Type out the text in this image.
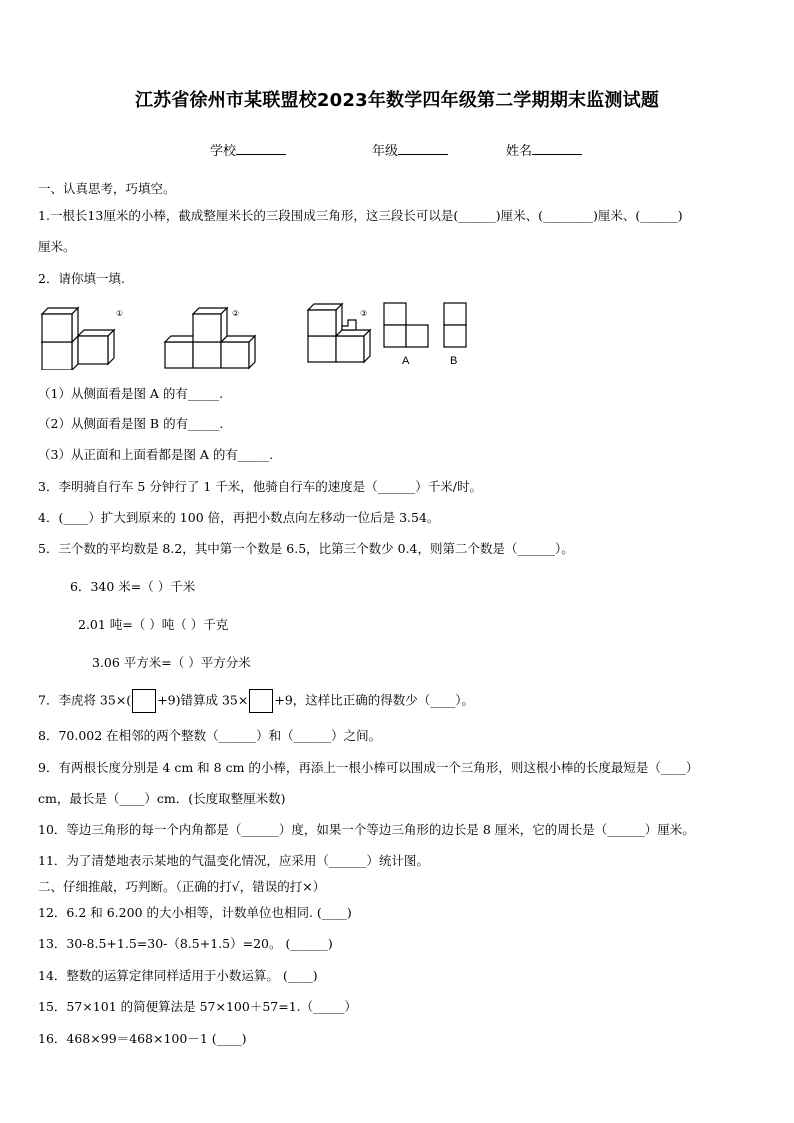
江苏省徐州市某联盟校2023年数学四年级第二学期期末监测试题
学校	年级	姓名
一、认真思考，巧填空。
1.一根长13厘米的小棒，截成整厘米长的三段围成三角形，这三段长可以是(______)厘米、(________)厘米、(______)
厘米。
2．请你填一填.
①	②	③
A	B
（1）从侧面看是图 A 的有_____.
（2）从侧面看是图 B 的有_____.
（3）从正面和上面看都是图 A 的有_____.
3．李明骑自行车 5 分钟行了 1 千米，他骑自行车的速度是（______）千米/时。
4．(____）扩大到原来的 100 倍，再把小数点向左移动一位后是 3.54。
5．三个数的平均数是 8.2，其中第一个数是 6.5，比第三个数少 0.4，则第二个数是（______）。
6．340 米=（ ）千米
2.01 吨=（ ）吨（ ）千克
3.06 平方米=（ ）平方分米
7．李虎将 35×( +9)错算成 35× +9，这样比正确的得数少（____）。
8．70.002 在相邻的两个整数（______）和（______）之间。
9．有两根长度分别是 4 cm 和 8 cm 的小棒，再添上一根小棒可以围成一个三角形，则这根小棒的长度最短是（____）
cm，最长是（____）cm．(长度取整厘米数)
10．等边三角形的每一个内角都是（______）度，如果一个等边三角形的边长是 8 厘米，它的周长是（______）厘米。
11．为了清楚地表示某地的气温变化情况，应采用（______）统计图。
二、仔细推敲，巧判断。（正确的打√，错误的打×）
12．6.2 和 6.200 的大小相等，计数单位也相同. (____)
13．30-8.5+1.5=30-（8.5+1.5）=20。 (______)
14．整数的运算定律同样适用于小数运算。 (____)
15．57×101 的简便算法是 57×100＋57=1.（_____）
16．468×99＝468×100－1 (____)
